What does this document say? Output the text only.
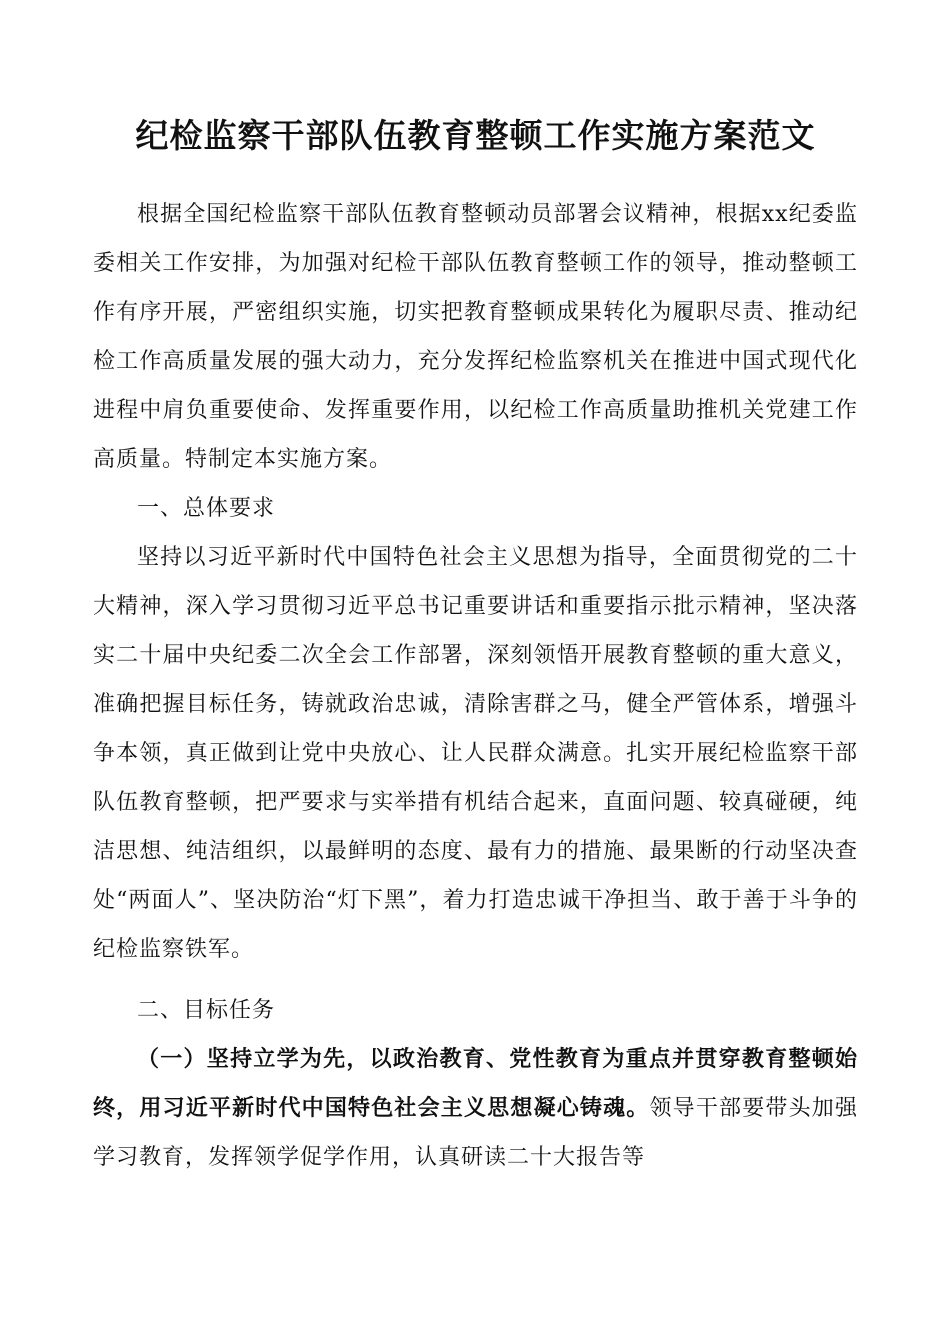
纪检监察干部队伍教育整顿工作实施方案范文

根据全国纪检监察干部队伍教育整顿动员部署会议精神，根据xx纪委监委相关工作安排，为加强对纪检干部队伍教育整顿工作的领导，推动整顿工作有序开展，严密组织实施，切实把教育整顿成果转化为履职尽责、推动纪检工作高质量发展的强大动力，充分发挥纪检监察机关在推进中国式现代化进程中肩负重要使命、发挥重要作用，以纪检工作高质量助推机关党建工作高质量。特制定本实施方案。

一、总体要求

坚持以习近平新时代中国特色社会主义思想为指导，全面贯彻党的二十大精神，深入学习贯彻习近平总书记重要讲话和重要指示批示精神，坚决落实二十届中央纪委二次全会工作部署，深刻领悟开展教育整顿的重大意义，准确把握目标任务，铸就政治忠诚，清除害群之马，健全严管体系，增强斗争本领，真正做到让党中央放心、让人民群众满意。扎实开展纪检监察干部队伍教育整顿，把严要求与实举措有机结合起来，直面问题、较真碰硬，纯洁思想、纯洁组织，以最鲜明的态度、最有力的措施、最果断的行动坚决查处“两面人”、坚决防治“灯下黑”，着力打造忠诚干净担当、敢于善于斗争的纪检监察铁军。

二、目标任务

（一）坚持立学为先，以政治教育、党性教育为重点并贯穿教育整顿始终，用习近平新时代中国特色社会主义思想凝心铸魂。领导干部要带头加强学习教育，发挥领学促学作用，认真研读二十大报告等
